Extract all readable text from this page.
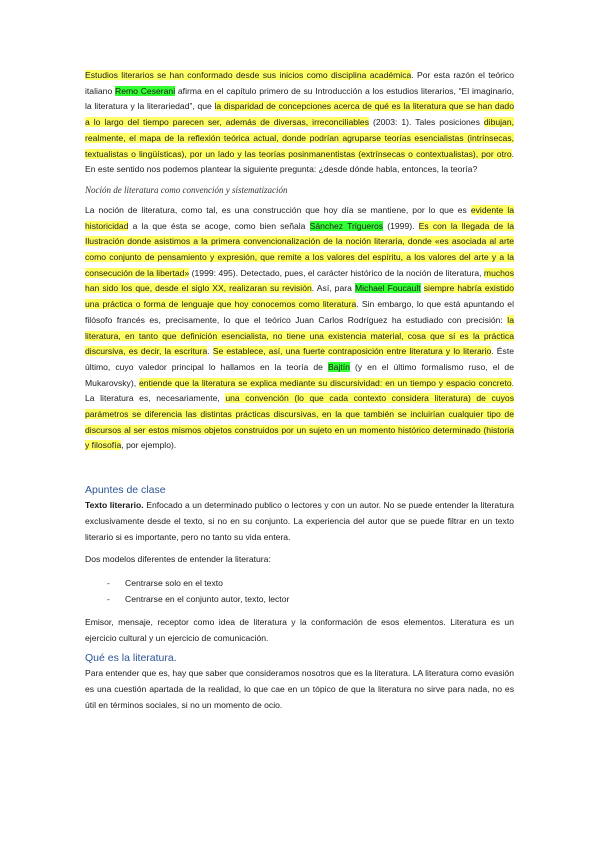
Estudios literarios se han conformado desde sus inicios como disciplina académica. Por esta razón el teórico italiano Remo Ceserani afirma en el capítulo primero de su Introducción a los estudios literarios, “El imaginario, la literatura y la literariedad”, que la disparidad de concepciones acerca de qué es la literatura que se han dado a lo largo del tiempo parecen ser, además de diversas, irreconciliables (2003: 1). Tales posiciones dibujan, realmente, el mapa de la reflexión teórica actual, donde podrían agruparse teorías esencialistas (intrínsecas, textualistas o lingüísticas), por un lado y las teorías posinmanentistas (extrínsecas o contextualistas), por otro. En este sentido nos podemos plantear la siguiente pregunta: ¿desde dónde habla, entonces, la teoría?

Noción de literatura como convención y sistematización

La noción de literatura, como tal, es una construcción que hoy día se mantiene, por lo que es evidente la historicidad a la que ésta se acoge, como bien señala Sánchez Trigueros (1999). Es con la llegada de la Ilustración donde asistimos a la primera convencionalización de la noción literaria, donde «es asociada al arte como conjunto de pensamiento y expresión, que remite a los valores del espíritu, a los valores del arte y a la consecución de la libertad» (1999: 495). Detectado, pues, el carácter histórico de la noción de literatura, muchos han sido los que, desde el siglo XX, realizaran su revisión. Así, para Michael Foucault siempre habría existido una práctica o forma de lenguaje que hoy conocemos como literatura. Sin embargo, lo que está apuntando el filósofo francés es, precisamente, lo que el teórico Juan Carlos Rodríguez ha estudiado con precisión: la literatura, en tanto que definición esencialista, no tiene una existencia material, cosa que sí es la práctica discursiva, es decir, la escritura. Se establece, así, una fuerte contraposición entre literatura y lo literario. Éste último, cuyo valedor principal lo hallamos en la teoría de Bajtín (y en el último formalismo ruso, el de Mukarovsky), entiende que la literatura se explica mediante su discursividad: en un tiempo y espacio concreto. La literatura es, necesariamente, una convención (lo que cada contexto considera literatura) de cuyos parámetros se diferencia las distintas prácticas discursivas, en la que también se incluirían cualquier tipo de discursos al ser estos mismos objetos construidos por un sujeto en un momento histórico determinado (historia y filosofía, por ejemplo).

Apuntes de clase

Texto literario. Enfocado a un determinado publico o lectores y con un autor. No se puede entender la literatura exclusivamente desde el texto, si no en su conjunto. La experiencia del autor que se puede filtrar en un texto literario si es importante, pero no tanto su vida entera.

Dos modelos diferentes de entender la literatura:

- Centrarse solo en el texto
- Centrarse en el conjunto autor, texto, lector

Emisor, mensaje, receptor como idea de literatura y la conformación de esos elementos. Literatura es un ejercicio cultural y un ejercicio de comunicación.

Qué es la literatura.

Para entender que es, hay que saber que consideramos nosotros que es la literatura. LA literatura como evasión es una cuestión apartada de la realidad, lo que cae en un tópico de que la literatura no sirve para nada, no es útil en términos sociales, si no un momento de ocio.
